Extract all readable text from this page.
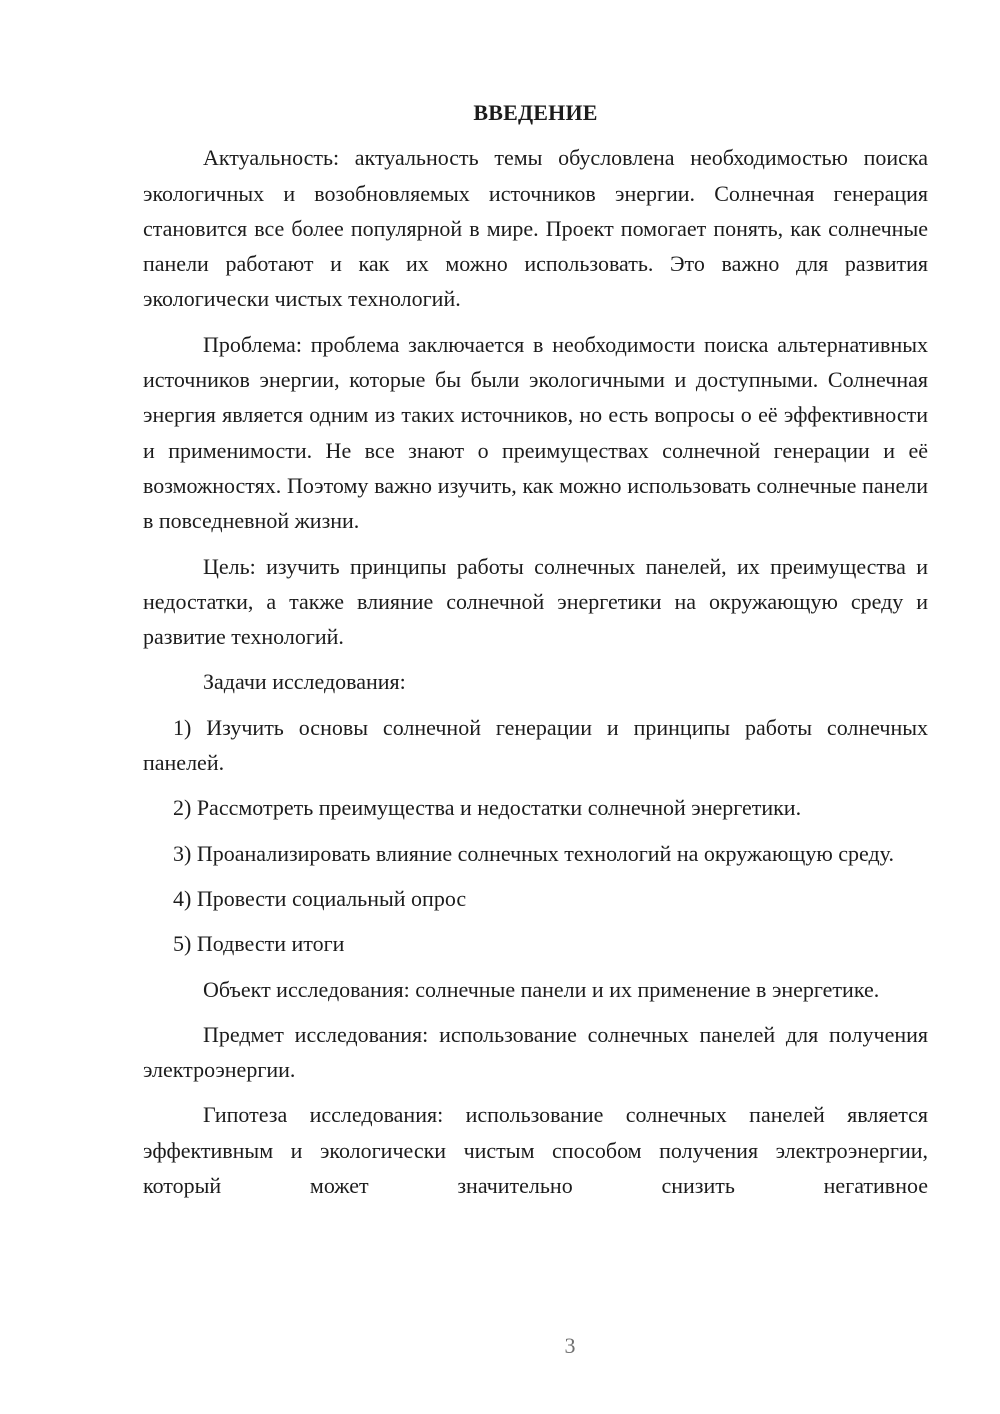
ВВЕДЕНИЕ

Актуальность: актуальность темы обусловлена необходимостью поиска экологичных и возобновляемых источников энергии. Солнечная генерация становится все более популярной в мире. Проект помогает понять, как солнечные панели работают и как их можно использовать. Это важно для развития экологически чистых технологий.

Проблема: проблема заключается в необходимости поиска альтернативных источников энергии, которые бы были экологичными и доступными. Солнечная энергия является одним из таких источников, но есть вопросы о её эффективности и применимости. Не все знают о преимуществах солнечной генерации и её возможностях. Поэтому важно изучить, как можно использовать солнечные панели в повседневной жизни.

Цель: изучить принципы работы солнечных панелей, их преимущества и недостатки, а также влияние солнечной энергетики на окружающую среду и развитие технологий.

Задачи исследования:

1) Изучить основы солнечной генерации и принципы работы солнечных панелей.

2) Рассмотреть преимущества и недостатки солнечной энергетики.

3) Проанализировать влияние солнечных технологий на окружающую среду.

4) Провести социальный опрос

5) Подвести итоги

Объект исследования: солнечные панели и их применение в энергетике.

Предмет исследования: использование солнечных панелей для получения электроэнергии.

Гипотеза исследования: использование солнечных панелей является эффективным и экологически чистым способом получения электроэнергии, который может значительно снизить негативное

3
